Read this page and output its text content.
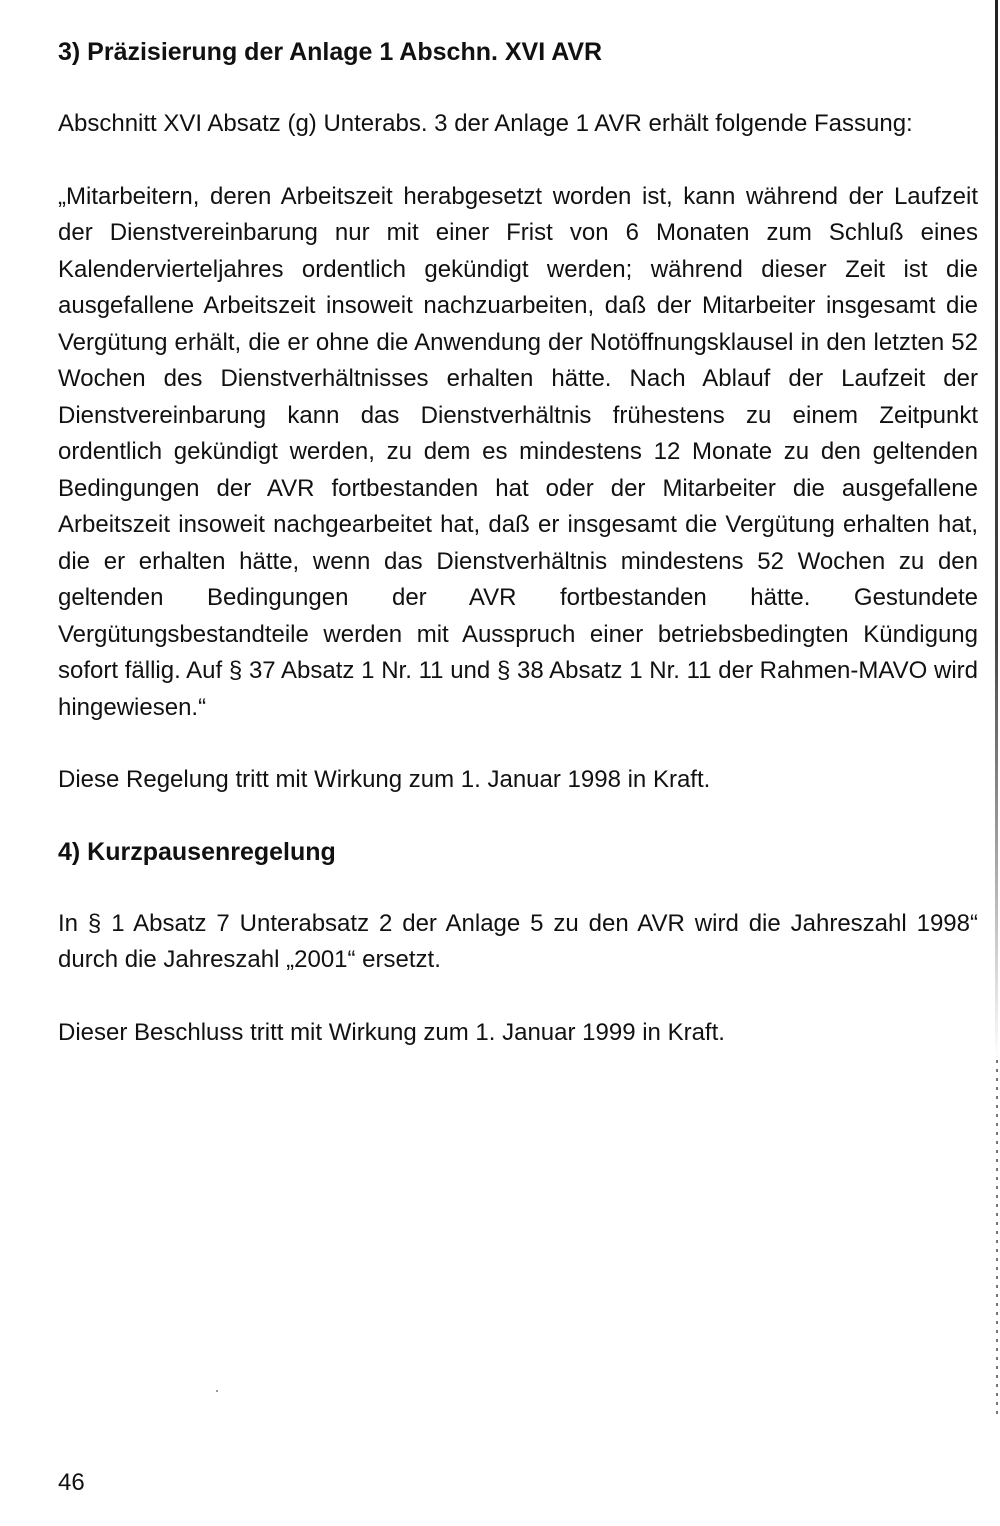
3) Präzisierung der Anlage 1 Abschn. XVI AVR

Abschnitt XVI Absatz (g) Unterabs. 3 der Anlage 1 AVR erhält folgende Fassung:

„Mitarbeitern, deren Arbeitszeit herabgesetzt worden ist, kann während der Laufzeit der Dienstvereinbarung nur mit einer Frist von 6 Monaten zum Schluß eines Kalendervierteljahres ordentlich gekündigt werden; während dieser Zeit ist die ausgefallene Arbeitszeit insoweit nachzuarbeiten, daß der Mitarbeiter insgesamt die Vergütung erhält, die er ohne die Anwendung der Notöffnungsklausel in den letzten 52 Wochen des Dienstverhältnisses erhalten hätte. Nach Ablauf der Laufzeit der Dienstvereinbarung kann das Dienstverhältnis frühestens zu einem Zeitpunkt ordentlich gekündigt werden, zu dem es mindestens 12 Monate zu den geltenden Bedingungen der AVR fortbestanden hat oder der Mitarbeiter die ausgefallene Arbeitszeit insoweit nachgearbeitet hat, daß er insgesamt die Vergütung erhalten hat, die er erhalten hätte, wenn das Dienstverhältnis mindestens 52 Wochen zu den geltenden Bedingungen der AVR fortbestanden hätte. Gestundete Vergütungsbestandteile werden mit Ausspruch einer betriebsbedingten Kündigung sofort fällig. Auf § 37 Absatz 1 Nr. 11 und § 38 Absatz 1 Nr. 11 der Rahmen-MAVO wird hingewiesen.“

Diese Regelung tritt mit Wirkung zum 1. Januar 1998 in Kraft.

4) Kurzpausenregelung

In § 1 Absatz 7 Unterabsatz 2 der Anlage 5 zu den AVR wird die Jahreszahl 1998“ durch die Jahreszahl „2001“ ersetzt.

Dieser Beschluss tritt mit Wirkung zum 1. Januar 1999 in Kraft.

46
